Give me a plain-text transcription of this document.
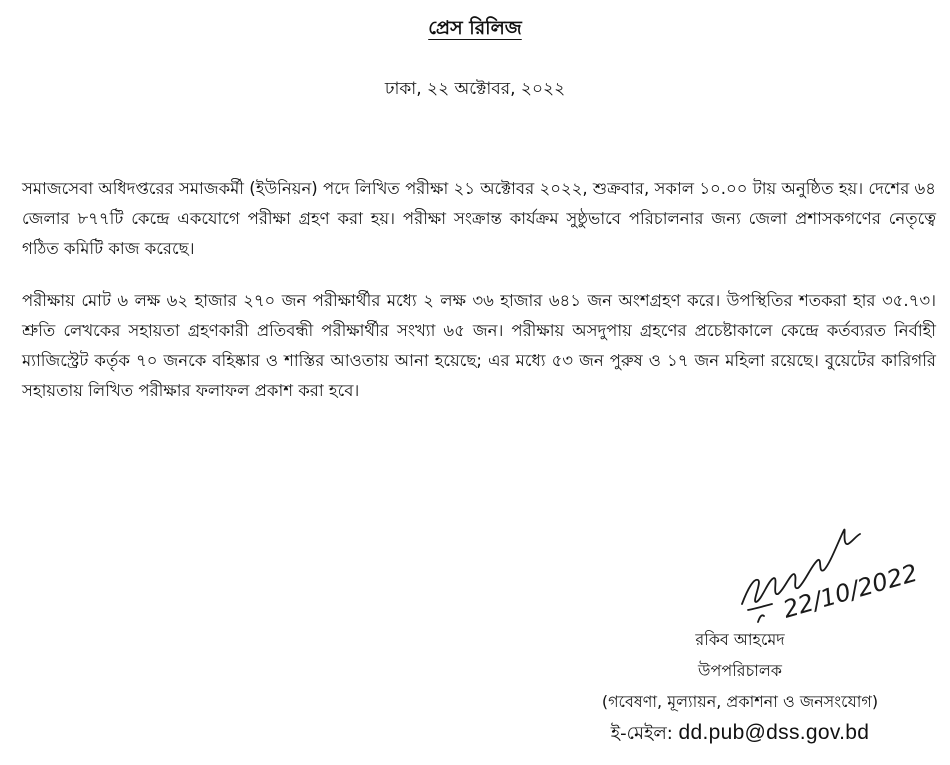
প্রেস রিলিজ
ঢাকা, ২২ অক্টোবর, ২০২২

সমাজসেবা অধিদপ্তরের সমাজকর্মী (ইউনিয়ন) পদে লিখিত পরীক্ষা ২১ অক্টোবর ২০২২, শুক্রবার, সকাল ১০.০০ টায় অনুষ্ঠিত হয়। দেশের ৬৪ জেলার ৮৭৭টি কেন্দ্রে একযোগে পরীক্ষা গ্রহণ করা হয়। পরীক্ষা সংক্রান্ত কার্যক্রম সুষ্ঠুভাবে পরিচালনার জন্য জেলা প্রশাসকগণের নেতৃত্বে গঠিত কমিটি কাজ করেছে।

পরীক্ষায় মোট ৬ লক্ষ ৬২ হাজার ২৭০ জন পরীক্ষার্থীর মধ্যে ২ লক্ষ ৩৬ হাজার ৬৪১ জন অংশগ্রহণ করে। উপস্থিতির শতকরা হার ৩৫.৭৩। শ্রুতি লেখকের সহায়তা গ্রহণকারী প্রতিবন্ধী পরীক্ষার্থীর সংখ্যা ৬৫ জন। পরীক্ষায় অসদুপায় গ্রহণের প্রচেষ্টাকালে কেন্দ্রে কর্তব্যরত নির্বাহী ম্যাজিস্ট্রেট কর্তৃক ৭০ জনকে বহিষ্কার ও শাস্তির আওতায় আনা হয়েছে; এর মধ্যে ৫৩ জন পুরুষ ও ১৭ জন মহিলা রয়েছে। বুয়েটের কারিগরি সহায়তায় লিখিত পরীক্ষার ফলাফল প্রকাশ করা হবে।

22/10/2022
রকিব আহমেদ
উপপরিচালক
(গবেষণা, মূল্যায়ন, প্রকাশনা ও জনসংযোগ)
ই-মেইল: dd.pub@dss.gov.bd
